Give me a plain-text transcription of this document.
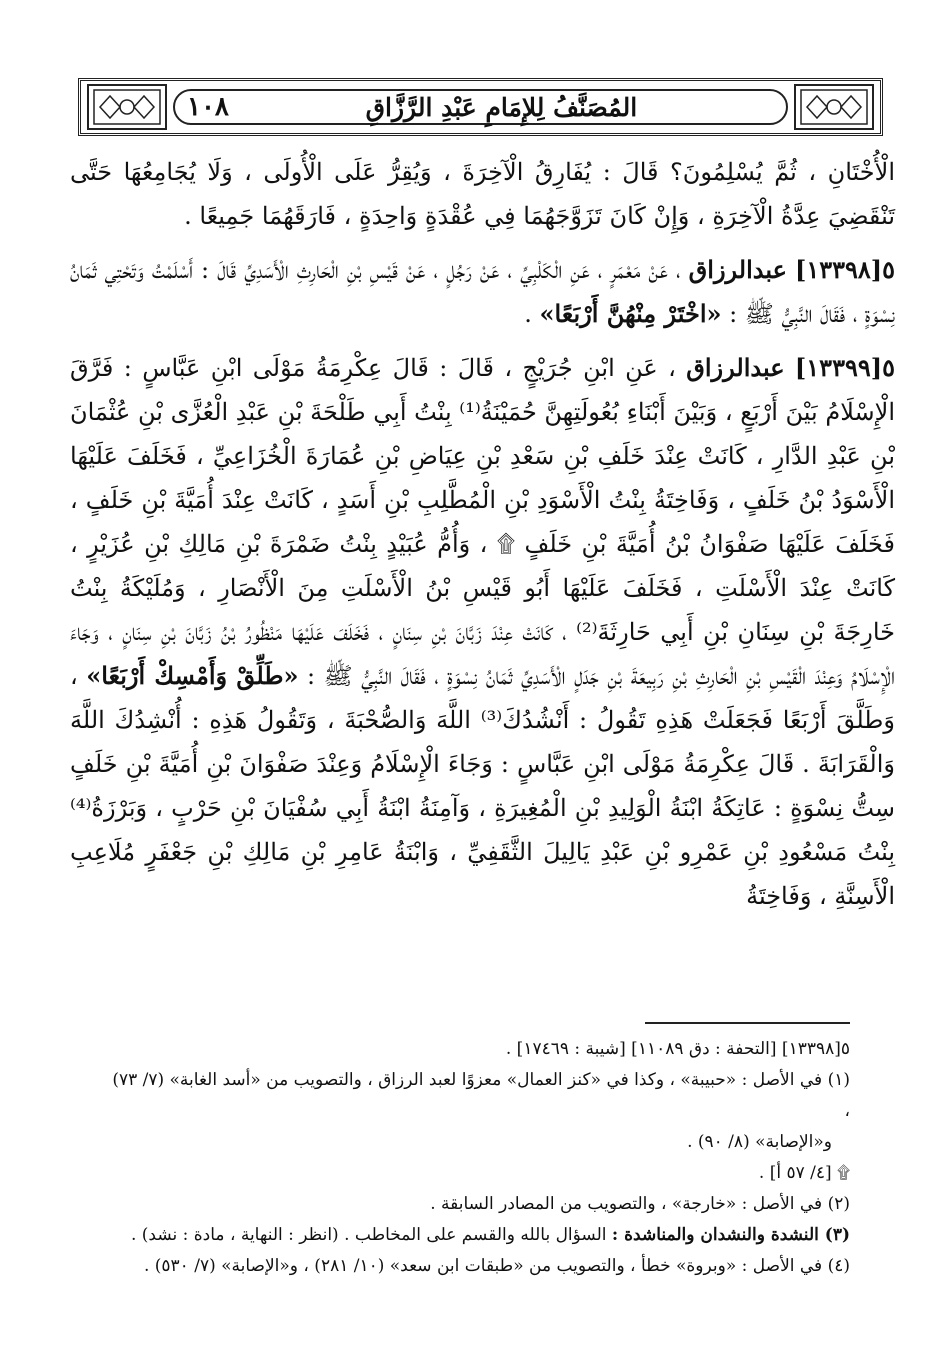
١٠٨	المُصَنَّفُ لِلإِمَامِ عَبْدِ الرَّزَّاقِ

الْأُخْتَانِ ، ثُمَّ يُسْلِمُونَ؟ قَالَ : يُفَارِقُ الْآخِرَةَ ، وَيُقِرُّ عَلَى الْأُولَى ، وَلَا يُجَامِعُهَا حَتَّى تَنْقَضِيَ عِدَّةُ الْآخِرَةِ ، وَإِنْ كَانَ تَزَوَّجَهُمَا فِي عُقْدَةٍ وَاحِدَةٍ ، فَارَقَهُمَا جَمِيعًا .

٥[١٣٣٩٨] عبدالرزاق ، عَنْ مَعْمَرٍ ، عَنِ الْكَلْبِيِّ ، عَنْ رَجُلٍ ، عَنْ قَيْسِ بْنِ الْحَارِثِ الْأَسَدِيِّ قَالَ : أَسْلَمْتُ وَتَحْتِي ثَمَانُ نِسْوَةٍ ، فَقَالَ النَّبِيُّ ﷺ : «اخْتَرْ مِنْهُنَّ أَرْبَعًا» .

٥[١٣٣٩٩] عبدالرزاق ، عَنِ ابْنِ جُرَيْجٍ ، قَالَ : قَالَ عِكْرِمَةُ مَوْلَى ابْنِ عَبَّاسٍ : فَرَّقَ الْإِسْلَامُ بَيْنَ أَرْبَعٍ ، وَبَيْنَ أَبْنَاءِ بُعُولَتِهِنَّ حُمَيْنَةُ⁽¹⁾ بِنْتُ أَبِي طَلْحَةَ بْنِ عَبْدِ الْعُزَّى بْنِ عُثْمَانَ بْنِ عَبْدِ الدَّارِ ، كَانَتْ عِنْدَ خَلَفِ بْنِ سَعْدِ بْنِ عِيَاضِ بْنِ عُمَارَةَ الْخُزَاعِيِّ ، فَخَلَفَ عَلَيْهَا الْأَسْوَدُ بْنُ خَلَفٍ ، وَفَاخِتَةُ بِنْتُ الْأَسْوَدِ بْنِ الْمُطَّلِبِ بْنِ أَسَدٍ ، كَانَتْ عِنْدَ أُمَيَّةَ بْنِ خَلَفٍ ، فَخَلَفَ عَلَيْهَا صَفْوَانُ بْنُ أُمَيَّةَ بْنِ خَلَفٍ ۩ ، وَأُمُّ عُبَيْدٍ بِنْتُ ضَمْرَةَ بْنِ مَالِكِ بْنِ عُزَيْرٍ ، كَانَتْ عِنْدَ الْأَسْلَتِ ، فَخَلَفَ عَلَيْهَا أَبُو قَيْسِ بْنُ الْأَسْلَتِ مِنَ الْأَنْصَارِ ، وَمُلَيْكَةُ بِنْتُ خَارِجَةَ بْنِ سِنَانِ بْنِ أَبِي حَارِثَةَ⁽²⁾ ، كَانَتْ عِنْدَ زَبَّانَ بْنِ سِنَانٍ ، فَخَلَفَ عَلَيْهَا مَنْظُورُ بْنُ زَبَّانَ بْنِ سِنَانٍ ، وَجَاءَ الْإِسْلَامُ وَعِنْدَ الْقَيْسِ بْنِ الْحَارِثِ بْنِ رَبِيعَةَ بْنِ جَدَلٍ الْأَسَدِيِّ ثَمَانُ نِسْوَةٍ ، فَقَالَ النَّبِيُّ ﷺ : «طَلِّقْ وَأَمْسِكْ أَرْبَعًا» ، وَطَلَّقَ أَرْبَعًا فَجَعَلَتْ هَذِهِ تَقُولُ : أَنْشُدُكَ⁽³⁾ اللَّهَ وَالصُّحْبَةَ ، وَتَقُولُ هَذِهِ : أُنْشِدُكَ اللَّهَ وَالْقَرَابَةَ . قَالَ عِكْرِمَةُ مَوْلَى ابْنِ عَبَّاسٍ : وَجَاءَ الْإِسْلَامُ وَعِنْدَ صَفْوَانَ بْنِ أُمَيَّةَ بْنِ خَلَفٍ سِتُّ نِسْوَةٍ : عَاتِكَةُ ابْنَةُ الْوَلِيدِ بْنِ الْمُغِيرَةِ ، وَآمِنَةُ ابْنَةُ أَبِي سُفْيَانَ بْنِ حَرْبٍ ، وَبَرْزَةُ⁽⁴⁾ بِنْتُ مَسْعُودِ بْنِ عَمْرِو بْنِ عَبْدِ يَالِيلَ الثَّقَفِيِّ ، وَابْنَةُ عَامِرِ بْنِ مَالِكِ بْنِ جَعْفَرٍ مُلَاعِبِ الْأَسِنَّةِ ، وَفَاخِتَةُ

٥[١٣٣٩٨] [التحفة : دق ١١٠٨٩] [شيبة : ١٧٤٦٩] .

(١) في الأصل : «حبيبة» ، وكذا في «كنز العمال» معزوًا لعبد الرزاق ، والتصويب من «أسد الغابة» (٧/ ٧٣) ،

و«الإصابة» (٨/ ٩٠) .

۩ [٤/ ٥٧ أ] .

(٢) في الأصل : «خارجة» ، والتصويب من المصادر السابقة .

(٣) النشدة والنشدان والمناشدة : السؤال بالله والقسم على المخاطب . (انظر : النهاية ، مادة : نشد) .

(٤) في الأصل : «وبروة» خطأ ، والتصويب من «طبقات ابن سعد» (١٠/ ٢٨١) ، و«الإصابة» (٧/ ٥٣٠) .
